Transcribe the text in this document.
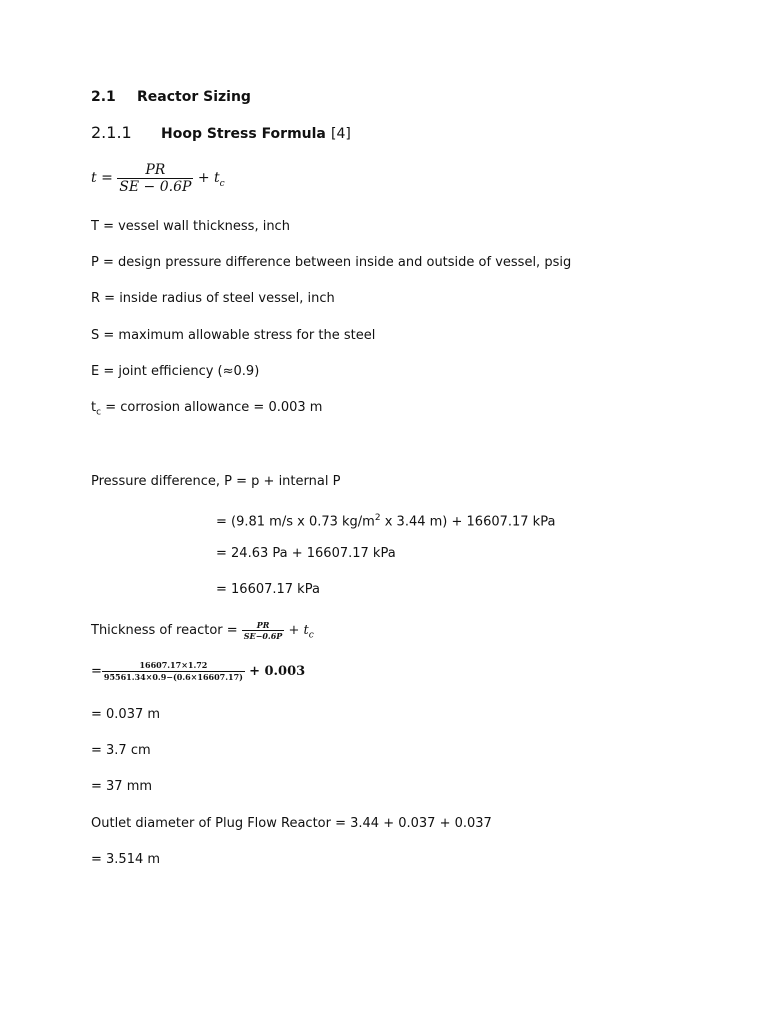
2.1 Reactor Sizing
2.1.1 Hoop Stress Formula [4]
$t = \frac{PR}{SE - 0.6P} + t_c$
T = vessel wall thickness, inch
P = design pressure difference between inside and outside of vessel, psig
R = inside radius of steel vessel, inch
S = maximum allowable stress for the steel
E = joint efficiency (≈0.9)
$t_c$ = corrosion allowance = 0.003 m
Pressure difference, P = p + internal P
= (9.81 m/s x 0.73 $kg/m^2$ x 3.44 m) + 16607.17 kPa
= 24.63 Pa + 16607.17 kPa
= 16607.17 kPa
Thickness of reactor = $\frac{PR}{SE-0.6P} + t_c$
= $\frac{16607.17\times 1.72}{95561.34\times 0.9-(0.6\times 16607.17)} + 0.003$
= 0.037 m
= 3.7 cm
= 37 mm
Outlet diameter of Plug Flow Reactor = 3.44 + 0.037 + 0.037
= 3.514 m
